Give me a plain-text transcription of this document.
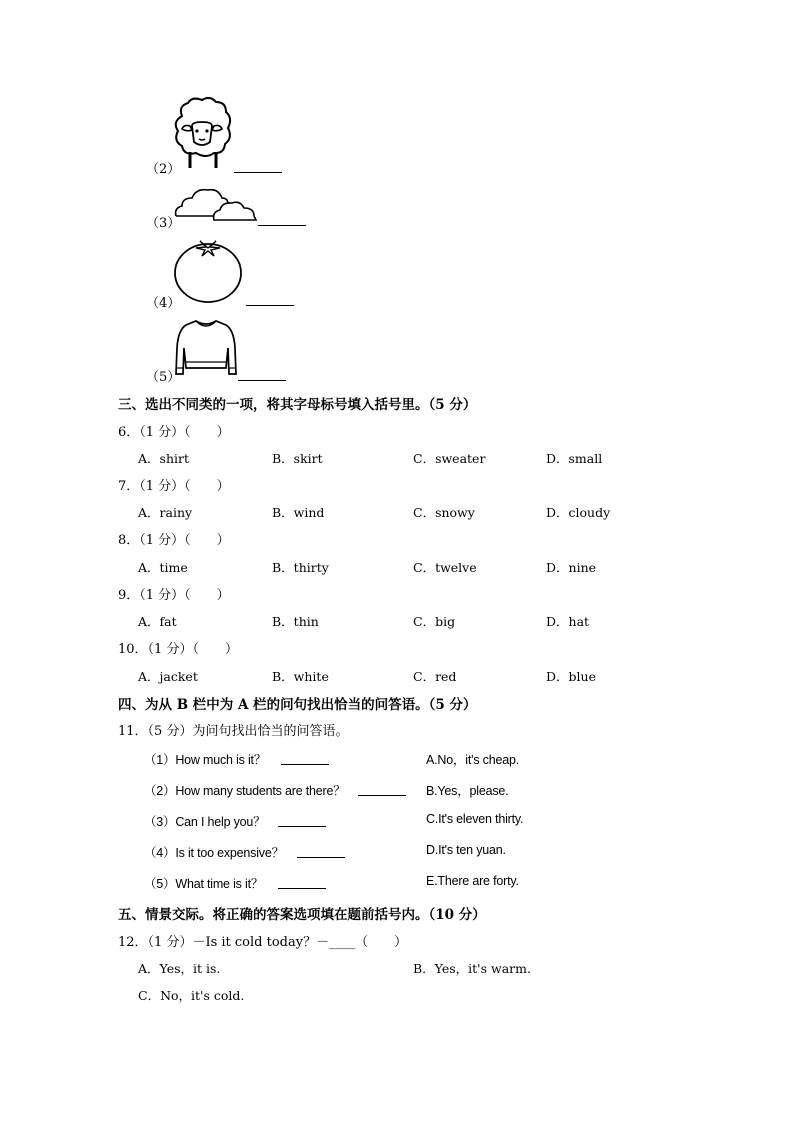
（2）
（3）
（4）
（5）
三、选出不同类的一项，将其字母标号填入括号里。（5 分）
6．（1 分）（　　）
A．shirt	B．skirt	C．sweater	D．small
7．（1 分）（　　）
A．rainy	B．wind	C．snowy	D．cloudy
8．（1 分）（　　）
A．time	B．thirty	C．twelve	D．nine
9．（1 分）（　　）
A．fat	B．thin	C．big	D．hat
10．（1 分）（　　）
A．jacket	B．white	C．red	D．blue
四、为从 B 栏中为 A 栏的问句找出恰当的问答语。（5 分）
11．（5 分）为问句找出恰当的问答语。
（1）How much is it？	A.No，it's cheap.
（2）How many students are there？	B.Yes，please.
（3）Can I help you？	C.It's eleven thirty.
（4）Is it too expensive？	D.It's ten yuan.
（5）What time is it？	E.There are forty.
五、情景交际。将正确的答案选项填在题前括号内。（10 分）
12．（1 分）－Is it cold today？－____（　　）
A．Yes，it is.	B．Yes，it's warm.
C．No，it's cold.
